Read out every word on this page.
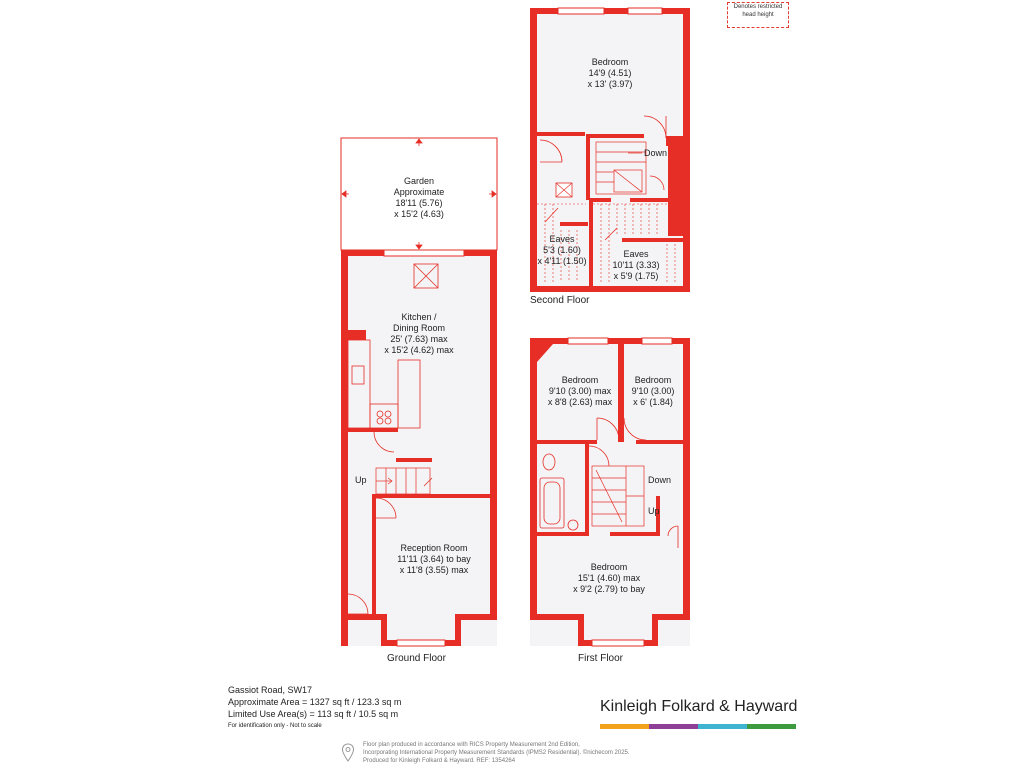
Denotes restricted
head height
Bedroom
14'9 (4.51)
x 13' (3.97)
Down
Eaves
5'3 (1.60)
x 4'11 (1.50)
Eaves
10'11 (3.33)
x 5'9 (1.75)
Second Floor
Garden
Approximate
18'11 (5.76)
x 15'2 (4.63)
Kitchen /
Dining Room
25' (7.63) max
x 15'2 (4.62) max
Up
Reception Room
11'11 (3.64) to bay
x 11'8 (3.55) max
Ground Floor
Bedroom
9'10 (3.00) max
x 8'8 (2.63) max
Bedroom
9'10 (3.00)
x 6' (1.84)
Down
Up
Bedroom
15'1 (4.60) max
x 9'2 (2.79) to bay
First Floor
Gassiot Road, SW17
Approximate Area = 1327 sq ft / 123.3 sq m
Limited Use Area(s) = 113 sq ft / 10.5 sq m
For identification only - Not to scale
Kinleigh Folkard & Hayward
Floor plan produced in accordance with RICS Property Measurement 2nd Edition,
Incorporating International Property Measurement Standards (IPMS2 Residential). ©nichecom 2025.
Produced for Kinleigh Folkard & Hayward. REF: 1354264
